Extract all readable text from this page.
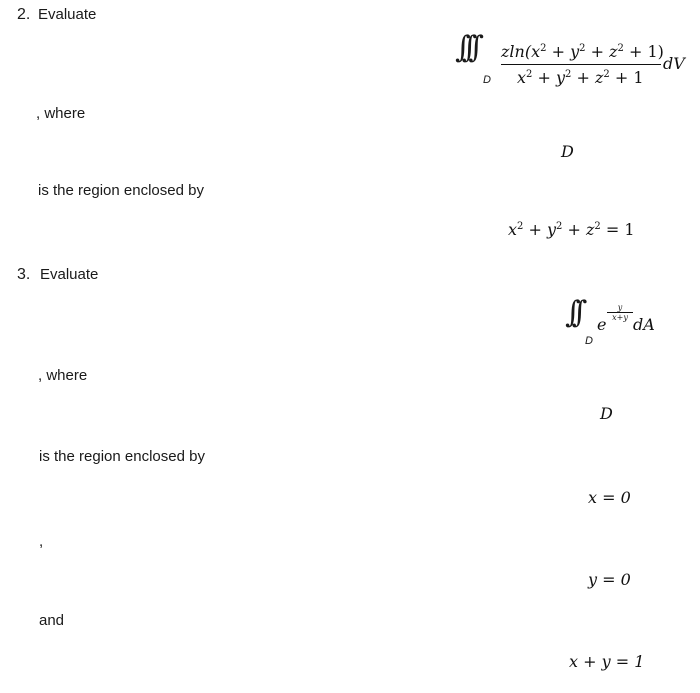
2. Evaluate
∫∫∫
D
$zln(x^2 + y^2 + z^2 + 1)$
$x^2 + y^2 + z^2 + 1$
dV
, where
D
is the region enclosed by
$x^2 + y^2 + z^2 = 1$
3. Evaluate
∫∫
D
e
y
x+y dA
, where
D
is the region enclosed by
x = 0
,
y = 0
and
x + y = 1
